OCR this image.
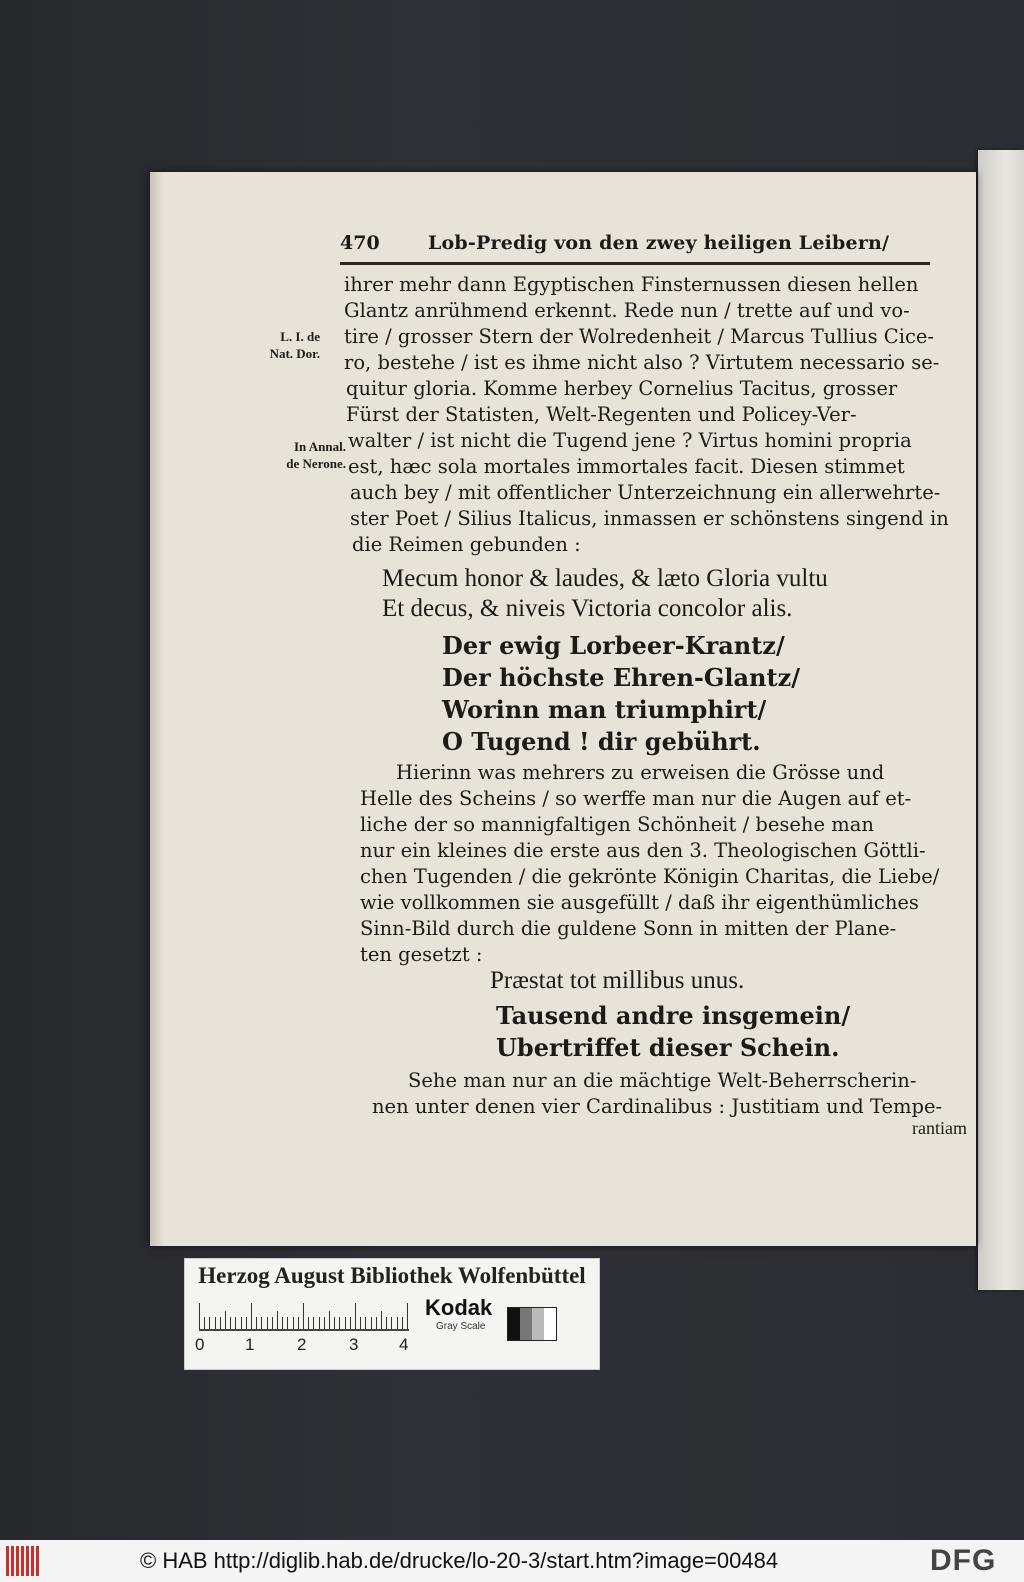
470	Lob-Predig von den zwey heiligen Leibern/
L. I. de
Nat. Dor.
In Annal.
de Nerone.
ihrer mehr dann Egyptischen Finsternussen diesen hellen
Glantz anrühmend erkennt. Rede nun / trette auf und vo-
tire / grosser Stern der Wolredenheit / Marcus Tullius Cice-
ro, bestehe / ist es ihme nicht also ? Virtutem necessario se-
quitur gloria. Komme herbey Cornelius Tacitus, grosser
Fürst der Statisten, Welt-Regenten und Policey-Ver-
walter / ist nicht die Tugend jene ? Virtus homini propria
est, hæc sola mortales immortales facit. Diesen stimmet
auch bey / mit offentlicher Unterzeichnung ein allerwehrte-
ster Poet / Silius Italicus, inmassen er schönstens singend in
die Reimen gebunden :
Mecum honor & laudes, & læto Gloria vultu
Et decus, & niveis Victoria concolor alis.
Der ewig Lorbeer-Krantz/
Der höchste Ehren-Glantz/
Worinn man triumphirt/
O Tugend ! dir gebührt.
Hierinn was mehrers zu erweisen die Grösse und
Helle des Scheins / so werffe man nur die Augen auf et-
liche der so mannigfaltigen Schönheit / besehe man
nur ein kleines die erste aus den 3. Theologischen Göttli-
chen Tugenden / die gekrönte Königin Charitas, die Liebe/
wie vollkommen sie ausgefüllt / daß ihr eigenthümliches
Sinn-Bild durch die guldene Sonn in mitten der Plane-
ten gesetzt :
Præstat tot millibus unus.
Tausend andre insgemein/
Ubertriffet dieser Schein.
Sehe man nur an die mächtige Welt-Beherrscherin-
nen unter denen vier Cardinalibus : Justitiam und Tempe-
rantiam
Herzog August Bibliothek Wolfenbüttel
0 1	2	3 4
Kodak
Gray Scale
© HAB http://diglib.hab.de/drucke/lo-20-3/start.htm?image=00484	DFG
